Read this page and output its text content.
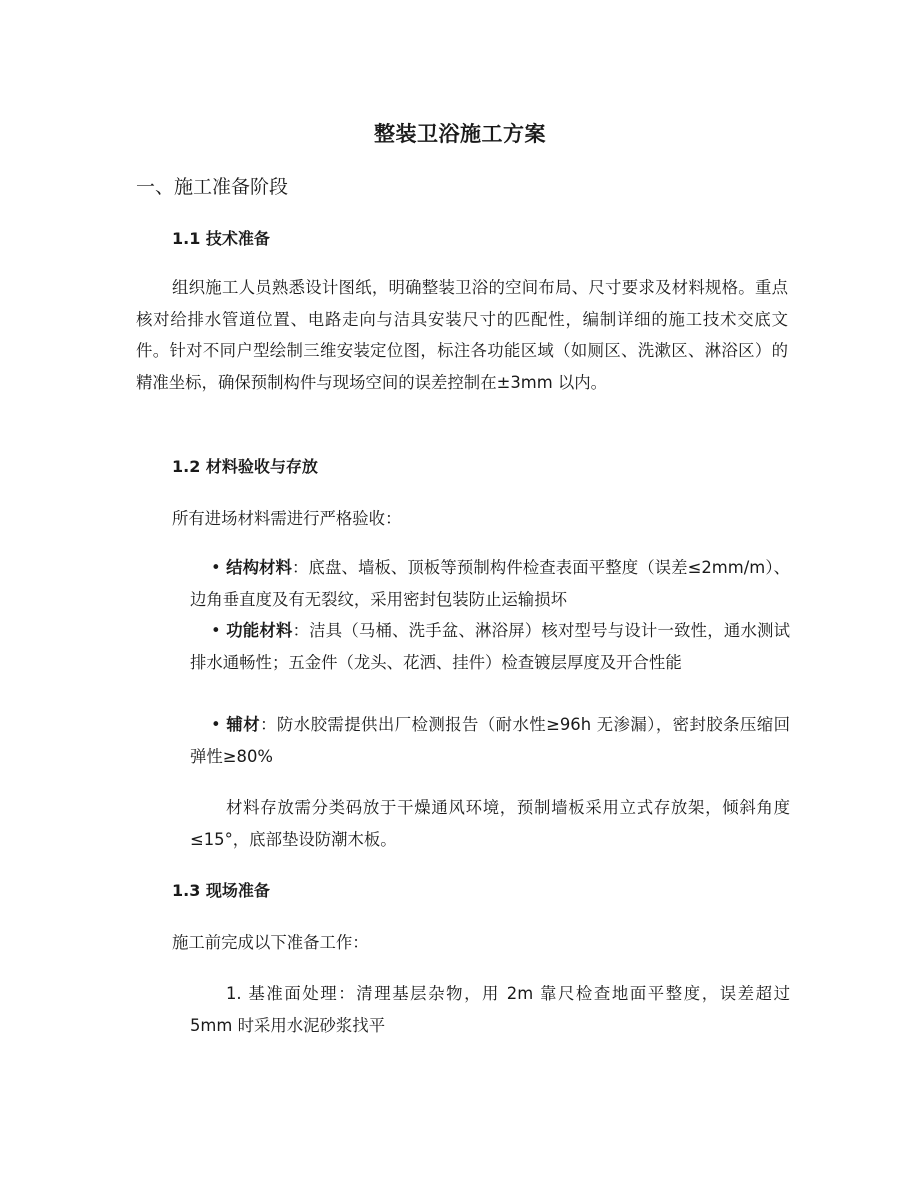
整装卫浴施工方案
一、施工准备阶段
1.1 技术准备
组织施工人员熟悉设计图纸，明确整装卫浴的空间布局、尺寸要求及材料规格。重点核对给排水管道位置、电路走向与洁具安装尺寸的匹配性，编制详细的施工技术交底文件。针对不同户型绘制三维安装定位图，标注各功能区域（如厕区、洗漱区、淋浴区）的精准坐标，确保预制构件与现场空间的误差控制在±3mm 以内。
1.2 材料验收与存放
所有进场材料需进行严格验收：
• 结构材料：底盘、墙板、顶板等预制构件检查表面平整度（误差≤2mm/m）、边角垂直度及有无裂纹，采用密封包装防止运输损坏
• 功能材料：洁具（马桶、洗手盆、淋浴屏）核对型号与设计一致性，通水测试排水通畅性；五金件（龙头、花洒、挂件）检查镀层厚度及开合性能
• 辅材：防水胶需提供出厂检测报告（耐水性≥96h 无渗漏），密封胶条压缩回弹性≥80%
材料存放需分类码放于干燥通风环境，预制墙板采用立式存放架，倾斜角度≤15°，底部垫设防潮木板。
1.3 现场准备
施工前完成以下准备工作：
1. 基准面处理：清理基层杂物，用 2m 靠尺检查地面平整度，误差超过 5mm 时采用水泥砂浆找平
